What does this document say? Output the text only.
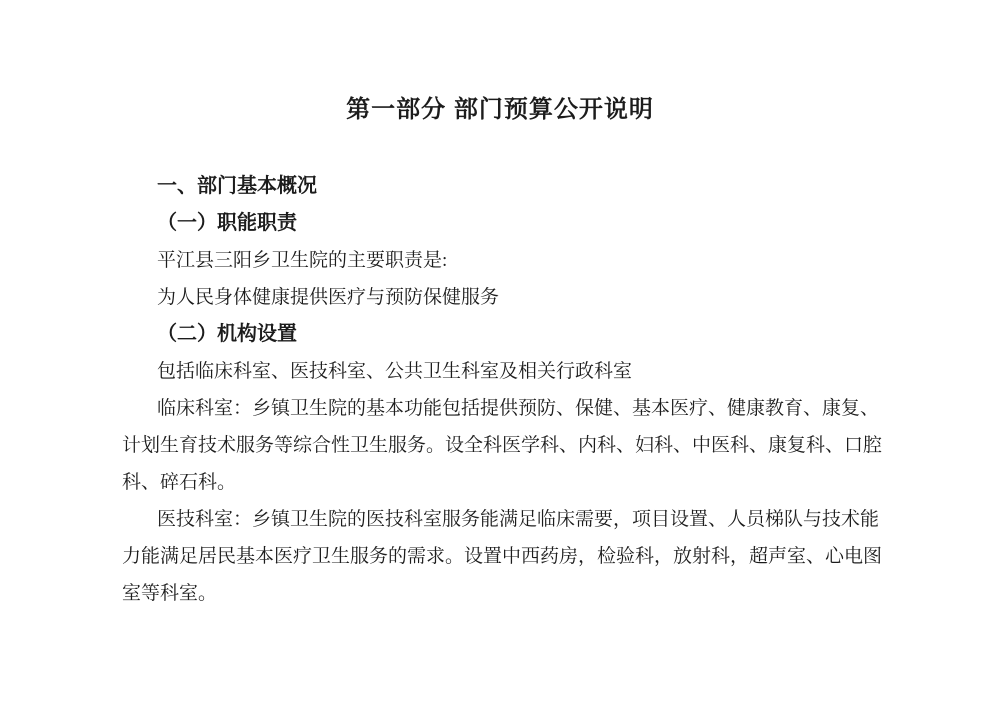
第一部分 部门预算公开说明
一、部门基本概况
（一）职能职责
平江县三阳乡卫生院的主要职责是:
为人民身体健康提供医疗与预防保健服务
（二）机构设置
包括临床科室、医技科室、公共卫生科室及相关行政科室
临床科室：乡镇卫生院的基本功能包括提供预防、保健、基本医疗、健康教育、康复、
计划生育技术服务等综合性卫生服务。设全科医学科、内科、妇科、中医科、康复科、口腔
科、碎石科。
医技科室：乡镇卫生院的医技科室服务能满足临床需要，项目设置、人员梯队与技术能
力能满足居民基本医疗卫生服务的需求。设置中西药房，检验科，放射科，超声室、心电图
室等科室。
